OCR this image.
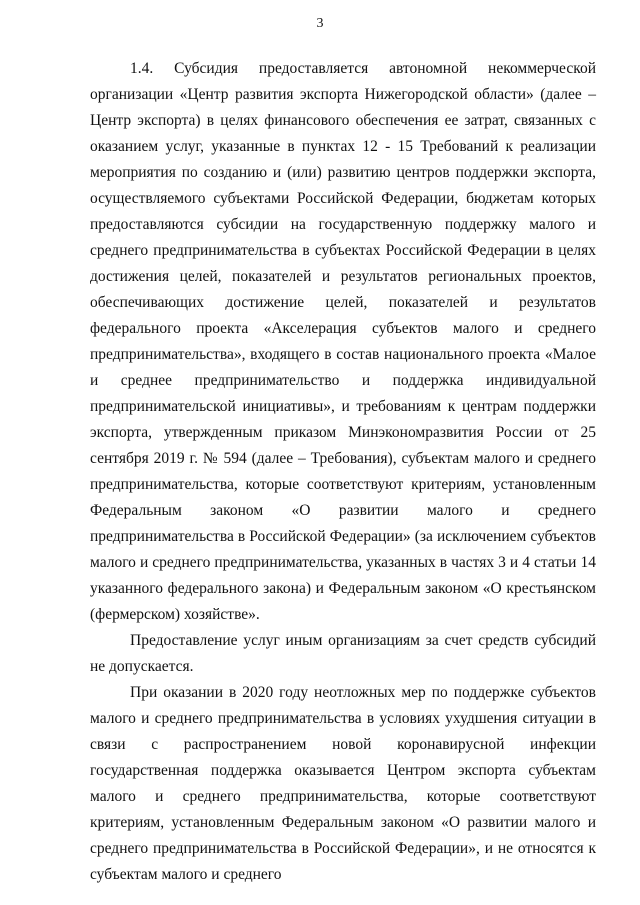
3

1.4. Субсидия предоставляется автономной некоммерческой организации «Центр развития экспорта Нижегородской области» (далее – Центр экспорта) в целях финансового обеспечения ее затрат, связанных с оказанием услуг, указанные в пунктах 12 - 15 Требований к реализации мероприятия по созданию и (или) развитию центров поддержки экспорта, осуществляемого субъектами Российской Федерации, бюджетам которых предоставляются субсидии на государственную поддержку малого и среднего предпринимательства в субъектах Российской Федерации в целях достижения целей, показателей и результатов региональных проектов, обеспечивающих достижение целей, показателей и результатов федерального проекта «Акселерация субъектов малого и среднего предпринимательства», входящего в состав национального проекта «Малое и среднее предпринимательство и поддержка индивидуальной предпринимательской инициативы», и требованиям к центрам поддержки экспорта, утвержденным приказом Минэкономразвития России от 25 сентября 2019 г. № 594 (далее – Требования), субъектам малого и среднего предпринимательства, которые соответствуют критериям, установленным Федеральным законом «О развитии малого и среднего предпринимательства в Российской Федерации» (за исключением субъектов малого и среднего предпринимательства, указанных в частях 3 и 4 статьи 14 указанного федерального закона) и Федеральным законом «О крестьянском (фермерском) хозяйстве».

Предоставление услуг иным организациям за счет средств субсидий не допускается.

При оказании в 2020 году неотложных мер по поддержке субъектов малого и среднего предпринимательства в условиях ухудшения ситуации в связи с распространением новой коронавирусной инфекции государственная поддержка оказывается Центром экспорта субъектам малого и среднего предпринимательства, которые соответствуют критериям, установленным Федеральным законом «О развитии малого и среднего предпринимательства в Российской Федерации», и не относятся к субъектам малого и среднего
